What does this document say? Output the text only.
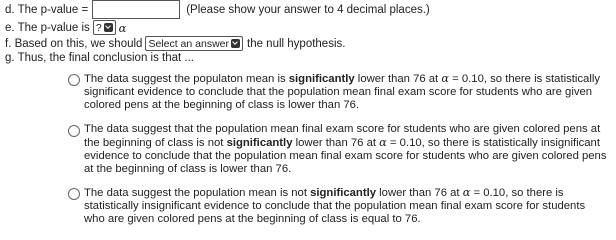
d. The p-value =	(Please show your answer to 4 decimal places.)
e. The p-value is ? α
f. Based on this, we should Select an answer the null hypothesis.
g. Thus, the final conclusion is that ...
The data suggest the populaton mean is significantly lower than 76 at α = 0.10, so there is statistically significant evidence to conclude that the population mean final exam score for students who are given colored pens at the beginning of class is lower than 76.
The data suggest that the population mean final exam score for students who are given colored pens at the beginning of class is not significantly lower than 76 at α = 0.10, so there is statistically insignificant evidence to conclude that the population mean final exam score for students who are given colored pens at the beginning of class is lower than 76.
The data suggest the population mean is not significantly lower than 76 at α = 0.10, so there is statistically insignificant evidence to conclude that the population mean final exam score for students who are given colored pens at the beginning of class is equal to 76.
